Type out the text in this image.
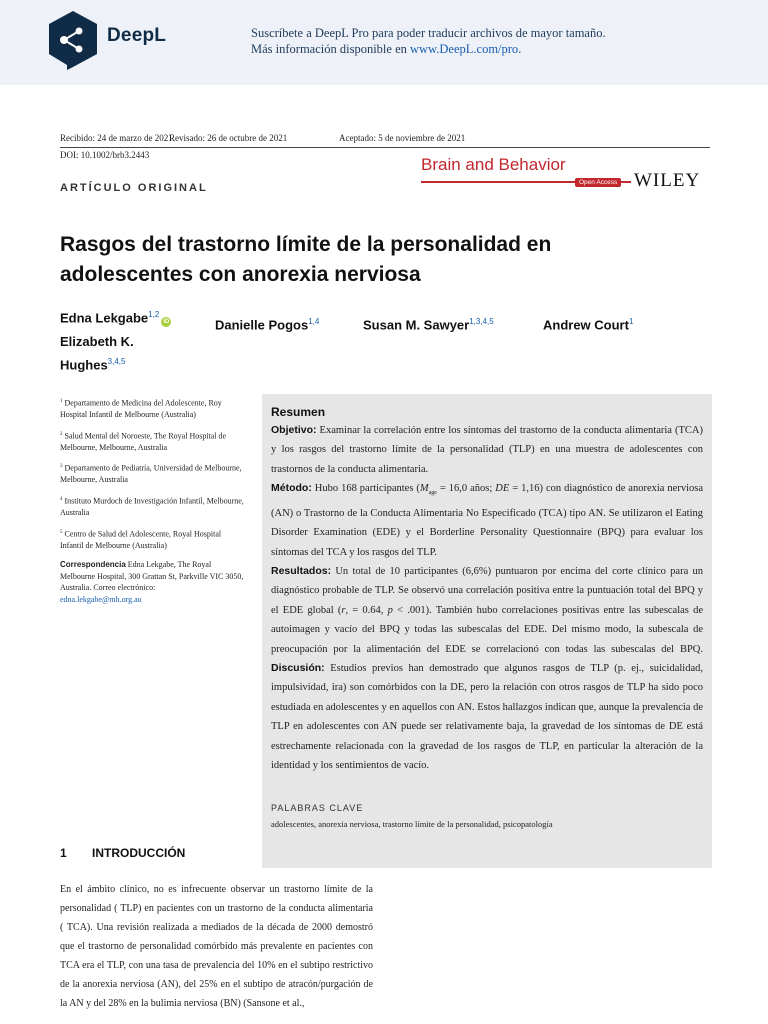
DeepL	Suscríbete a DeepL Pro para poder traducir archivos de mayor tamaño.
Más información disponible en www.DeepL.com/pro.
Recibido: 24 de marzo de 2021
Revisado: 26 de octubre de 2021	Aceptado: 5 de noviembre de 2021
DOI: 10.1002/brb3.2443
ARTÍCULO ORIGINAL
Brain and Behavior
Open Access WILEY
Rasgos del trastorno límite de la personalidad en adolescentes con anorexia nerviosa
Edna Lekgabe$^{1,2}$iD	Danielle Pogos$^{1,4}$	Susan M. Sawyer$^{1,3,4,5}$	Andrew Court$^1$
Elizabeth K.
Hughes$^{3,4,5}$

$^1$ Departamento de Medicina del Adolescente, Roy Hospital Infantil de Melbourne (Australia)

$^2$ Salud Mental del Noroeste, The Royal Hospital de Melbourne, Melbourne, Australia

$^3$ Departamento de Pediatría, Universidad de Melbourne, Melbourne, Australia

$^4$ Instituto Murdoch de Investigación Infantil, Melbourne, Australia

$^5$ Centro de Salud del Adolescente, Royal Hospital Infantil de Melbourne (Australia)

Correspondencia Edna Lekgabe, The Royal Melbourne Hospital, 300 Grattan St, Parkville VIC 3050, Australia. Correo electrónico:
edna.lekgabe@mh.org.au

Resumen
Objetivo: Examinar la correlación entre los síntomas del trastorno de la conducta alimentaria (TCA) y los rasgos del trastorno límite de la personalidad (TLP) en una muestra de adolescentes con trastornos de la conducta alimentaria.
Método: Hubo 168 participantes ($M_{age} = 16,0$ años; DE = 1,16) con diagnóstico de anorexia nerviosa (AN) o Trastorno de la Conducta Alimentaria No Especificado (TCA) tipo AN. Se utilizaron el Eating Disorder Examination (EDE) y el Borderline Personality Questionnaire (BPQ) para evaluar los síntomas del TCA y los rasgos del TLP.
Resultados: Un total de 10 participantes (6,6%) puntuaron por encima del corte clínico para un diagnóstico probable de TLP. Se observó una correlación positiva entre la puntuación total del BPQ y el EDE global (r, = 0.64, p < .001). También hubo correlaciones positivas entre las subescalas de autoimagen y vacío del BPQ y todas las subescalas del EDE. Del mismo modo, la subescala de preocupación por la alimentación del EDE se correlacionó con todas las subescalas del BPQ. Discusión: Estudios previos han demostrado que algunos rasgos de TLP (p. ej., suicidalidad, impulsividad, ira) son comórbidos con la DE, pero la relación con otros rasgos de TLP ha sido poco estudiada en adolescentes y en aquellos con AN. Estos hallazgos indican que, aunque la prevalencia de TLP en adolescentes con AN puede ser relativamente baja, la gravedad de los síntomas de DE está estrechamente relacionada con la gravedad de los rasgos de TLP, en particular la alteración de la identidad y los sentimientos de vacío.
PALABRAS CLAVE
adolescentes, anorexia nerviosa, trastorno límite de la personalidad, psicopatología
1 INTRODUCCIÓN
En el ámbito clínico, no es infrecuente observar un trastorno límite de la personalidad ( TLP) en pacientes con un trastorno de la conducta alimentaria ( TCA). Una revisión realizada a mediados de la década de 2000 demostró que el trastorno de personalidad comórbido más prevalente en pacientes con TCA era el TLP, con una tasa de prevalencia del 10% en el subtipo restrictivo de la anorexia nerviosa (AN), del 25% en el subtipo de atracón/purgación de la AN y del 28% en la bulimia nerviosa (BN) (Sansone et al.,
